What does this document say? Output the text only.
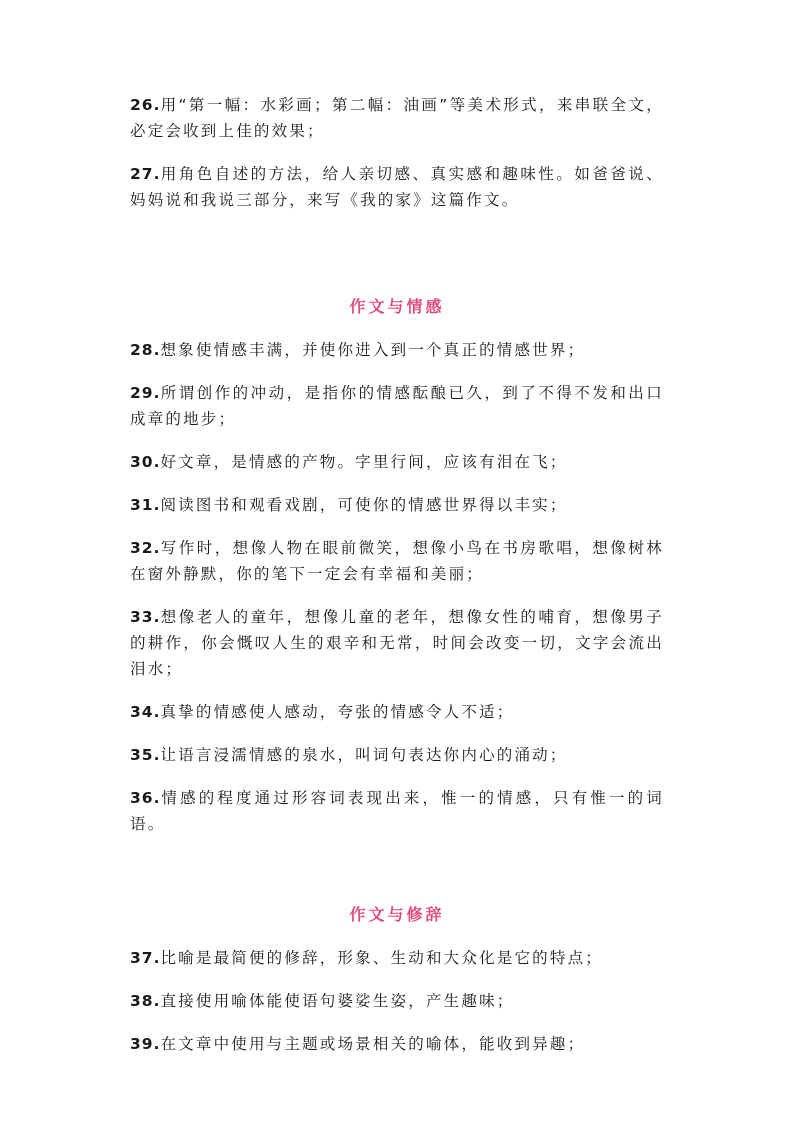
26.用“第一幅：水彩画；第二幅：油画”等美术形式，来串联全文，必定会收到上佳的效果；

27.用角色自述的方法，给人亲切感、真实感和趣味性。如爸爸说、妈妈说和我说三部分，来写《我的家》这篇作文。

作文与情感

28.想象使情感丰满，并使你进入到一个真正的情感世界；

29.所谓创作的冲动，是指你的情感酝酿已久，到了不得不发和出口成章的地步；

30.好文章，是情感的产物。字里行间，应该有泪在飞；

31.阅读图书和观看戏剧，可使你的情感世界得以丰实；

32.写作时，想像人物在眼前微笑，想像小鸟在书房歌唱，想像树林在窗外静默，你的笔下一定会有幸福和美丽；

33.想像老人的童年，想像儿童的老年，想像女性的哺育，想像男子的耕作，你会慨叹人生的艰辛和无常，时间会改变一切，文字会流出泪水；

34.真挚的情感使人感动，夸张的情感令人不适；

35.让语言浸濡情感的泉水，叫词句表达你内心的涌动；

36.情感的程度通过形容词表现出来，惟一的情感，只有惟一的词语。

作文与修辞

37.比喻是最简便的修辞，形象、生动和大众化是它的特点；

38.直接使用喻体能使语句婆娑生姿，产生趣味；

39.在文章中使用与主题或场景相关的喻体，能收到异趣；
